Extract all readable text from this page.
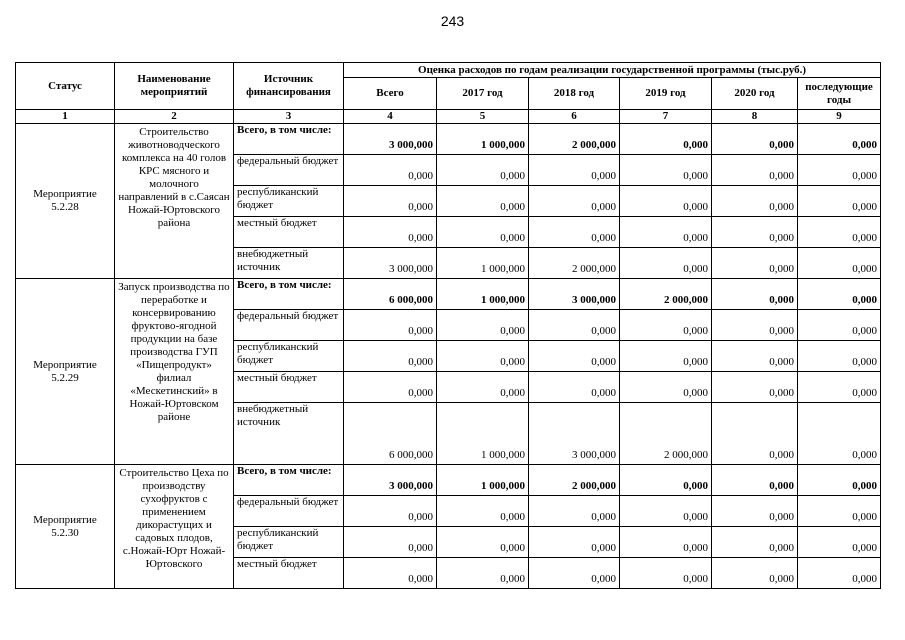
243
Статус	Наименование мероприятий	Источник финансирования	Оценка расходов по годам реализации государственной программы (тыс.руб.)					
			Всего	2017 год	2018 год	2019 год	2020 год	последующие годы
1	2	3	4	5	6	7	8	9
Мероприятие 5.2.28	Строительство животноводческого комплекса на 40 голов КРС мясного и молочного направлений в с.Саясан Ножай-Юртовского района	Всего, в том числе:	3 000,000	1 000,000	2 000,000	0,000	0,000	0,000
		федеральный бюджет	0,000	0,000	0,000	0,000	0,000	0,000
		республиканский бюджет	0,000	0,000	0,000	0,000	0,000	0,000
		местный бюджет	0,000	0,000	0,000	0,000	0,000	0,000
		внебюджетный источник	3 000,000	1 000,000	2 000,000	0,000	0,000	0,000
Мероприятие 5.2.29	Запуск производства по переработке и консервированию фруктово-ягодной продукции на базе производства ГУП «Пищепродукт» филиал «Мескетинский» в Ножай-Юртовском районе	Всего, в том числе:	6 000,000	1 000,000	3 000,000	2 000,000	0,000	0,000
		федеральный бюджет	0,000	0,000	0,000	0,000	0,000	0,000
		республиканский бюджет	0,000	0,000	0,000	0,000	0,000	0,000
		местный бюджет	0,000	0,000	0,000	0,000	0,000	0,000
		внебюджетный источник	6 000,000	1 000,000	3 000,000	2 000,000	0,000	0,000
Мероприятие 5.2.30	Строительство Цеха по производству сухофруктов с применением дикорастущих и садовых плодов, с.Ножай-Юрт Ножай-Юртовского	Всего, в том числе:	3 000,000	1 000,000	2 000,000	0,000	0,000	0,000
		федеральный бюджет	0,000	0,000	0,000	0,000	0,000	0,000
		республиканский бюджет	0,000	0,000	0,000	0,000	0,000	0,000
		местный бюджет	0,000	0,000	0,000	0,000	0,000	0,000
